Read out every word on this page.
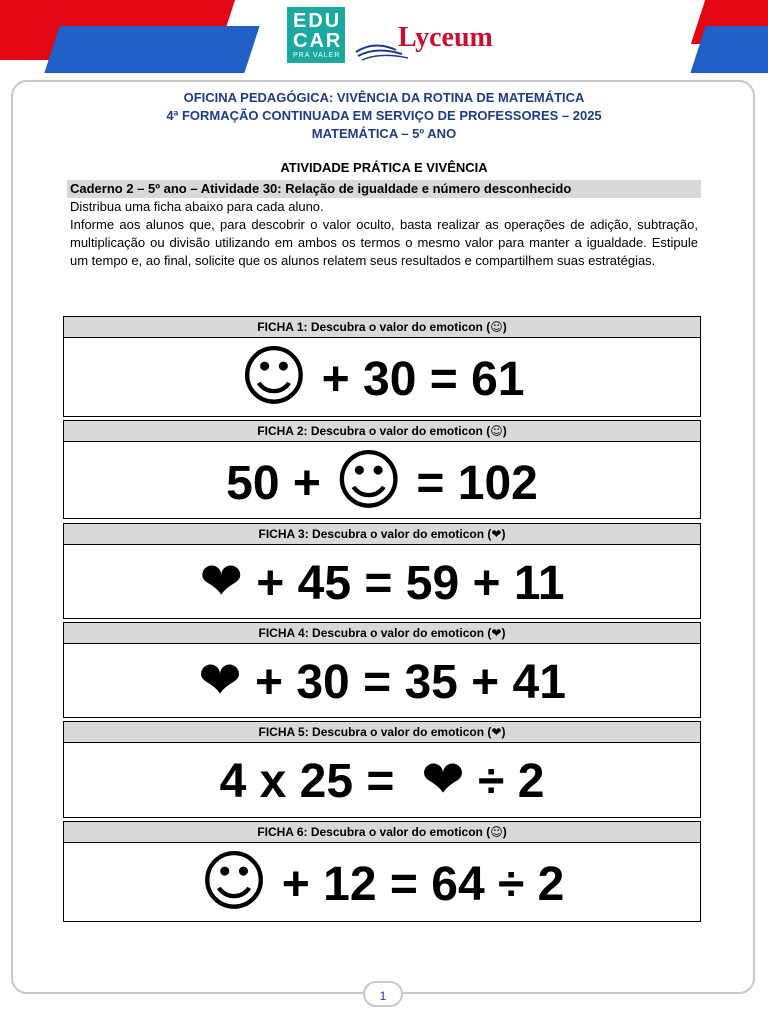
EDU
CAR
PRA VALER
Lyceum
OFICINA PEDAGÓGICA: VIVÊNCIA DA ROTINA DE MATEMÁTICA
4ª FORMAÇÃO CONTINUADA EM SERVIÇO DE PROFESSORES – 2025
MATEMÁTICA – 5º ANO
ATIVIDADE PRÁTICA E VIVÊNCIA
Caderno 2 – 5º ano – Atividade 30: Relação de igualdade e número desconhecido
Distribua uma ficha abaixo para cada aluno.
Informe aos alunos que, para descobrir o valor oculto, basta realizar as operações de adição, subtração, multiplicação ou divisão utilizando em ambos os termos o mesmo valor para manter a igualdade. Estipule um tempo e, ao final, solicite que os alunos relatem seus resultados e compartilhem suas estratégias.
FICHA 1: Descubra o valor do emoticon (☺)
☺ + 30 = 61
FICHA 2: Descubra o valor do emoticon (☺)
50 + ☺ = 102
FICHA 3: Descubra o valor do emoticon (❤)
❤ + 45 = 59 + 11
FICHA 4: Descubra o valor do emoticon (❤)
❤ + 30 = 35 + 41
FICHA 5: Descubra o valor do emoticon (❤)
4 x 25 =  ❤ ÷ 2
FICHA 6: Descubra o valor do emoticon (☺)
☺ + 12 = 64 ÷ 2
1
